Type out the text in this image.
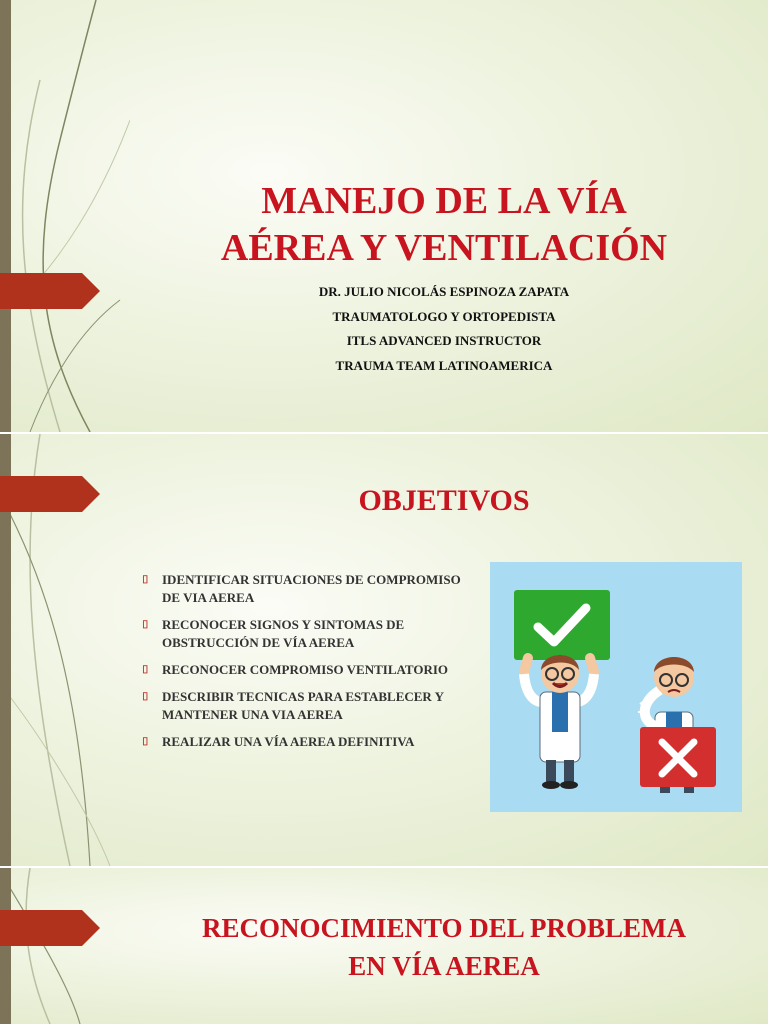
MANEJO DE LA VÍA
AÉREA Y VENTILACIÓN
DR. JULIO NICOLÁS ESPINOZA ZAPATA
TRAUMATOLOGO Y ORTOPEDISTA
ITLS ADVANCED INSTRUCTOR
TRAUMA TEAM LATINOAMERICA
OBJETIVOS
⌷ IDENTIFICAR SITUACIONES DE COMPROMISO DE VIA AEREA
⌷ RECONOCER SIGNOS Y SINTOMAS DE OBSTRUCCIÓN DE VÍA AEREA
⌷ RECONOCER COMPROMISO VENTILATORIO
⌷ DESCRIBIR TECNICAS PARA ESTABLECER Y MANTENER UNA VIA AEREA
⌷ REALIZAR UNA VÍA AEREA DEFINITIVA
RECONOCIMIENTO DEL PROBLEMA
EN VÍA AEREA
